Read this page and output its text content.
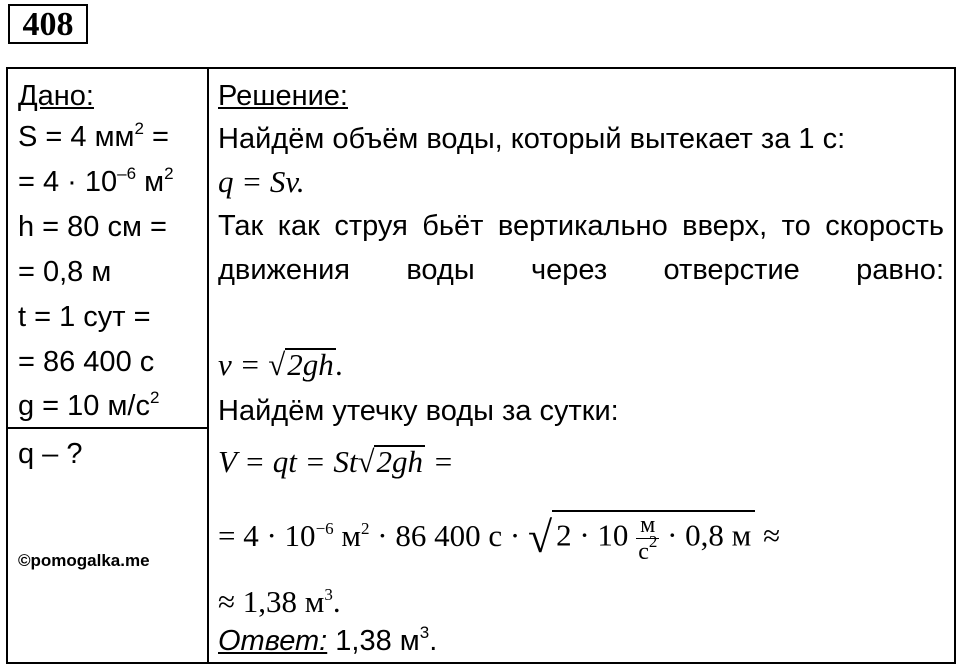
408
Дано:
S = 4 $мм^2$ =
= $4 \cdot 10^{-6}$ $м^2$
h = 80 см =
= 0,8 м
t = 1 сут =
= 86 400 с
g = 10 $м/с^2$
q – ?
©pomogalka.me
Решение:
Найдём объём воды, который вытекает за 1 с:
q = Sv.
Так как струя бьёт вертикально вверх, то скорость движения воды через отверстие равно:
v = √2gh.
Найдём утечку воды за сутки:
V = qt = St√2gh =
= $4 \cdot 10^{-6}$ $м^2 \cdot 86$ 400 с · √ 2 · 10 м
$с^2 \cdot 0,8$ м ≈
≈ 1,38 $м^3$.
Ответ: 1,38 $м^3$.
